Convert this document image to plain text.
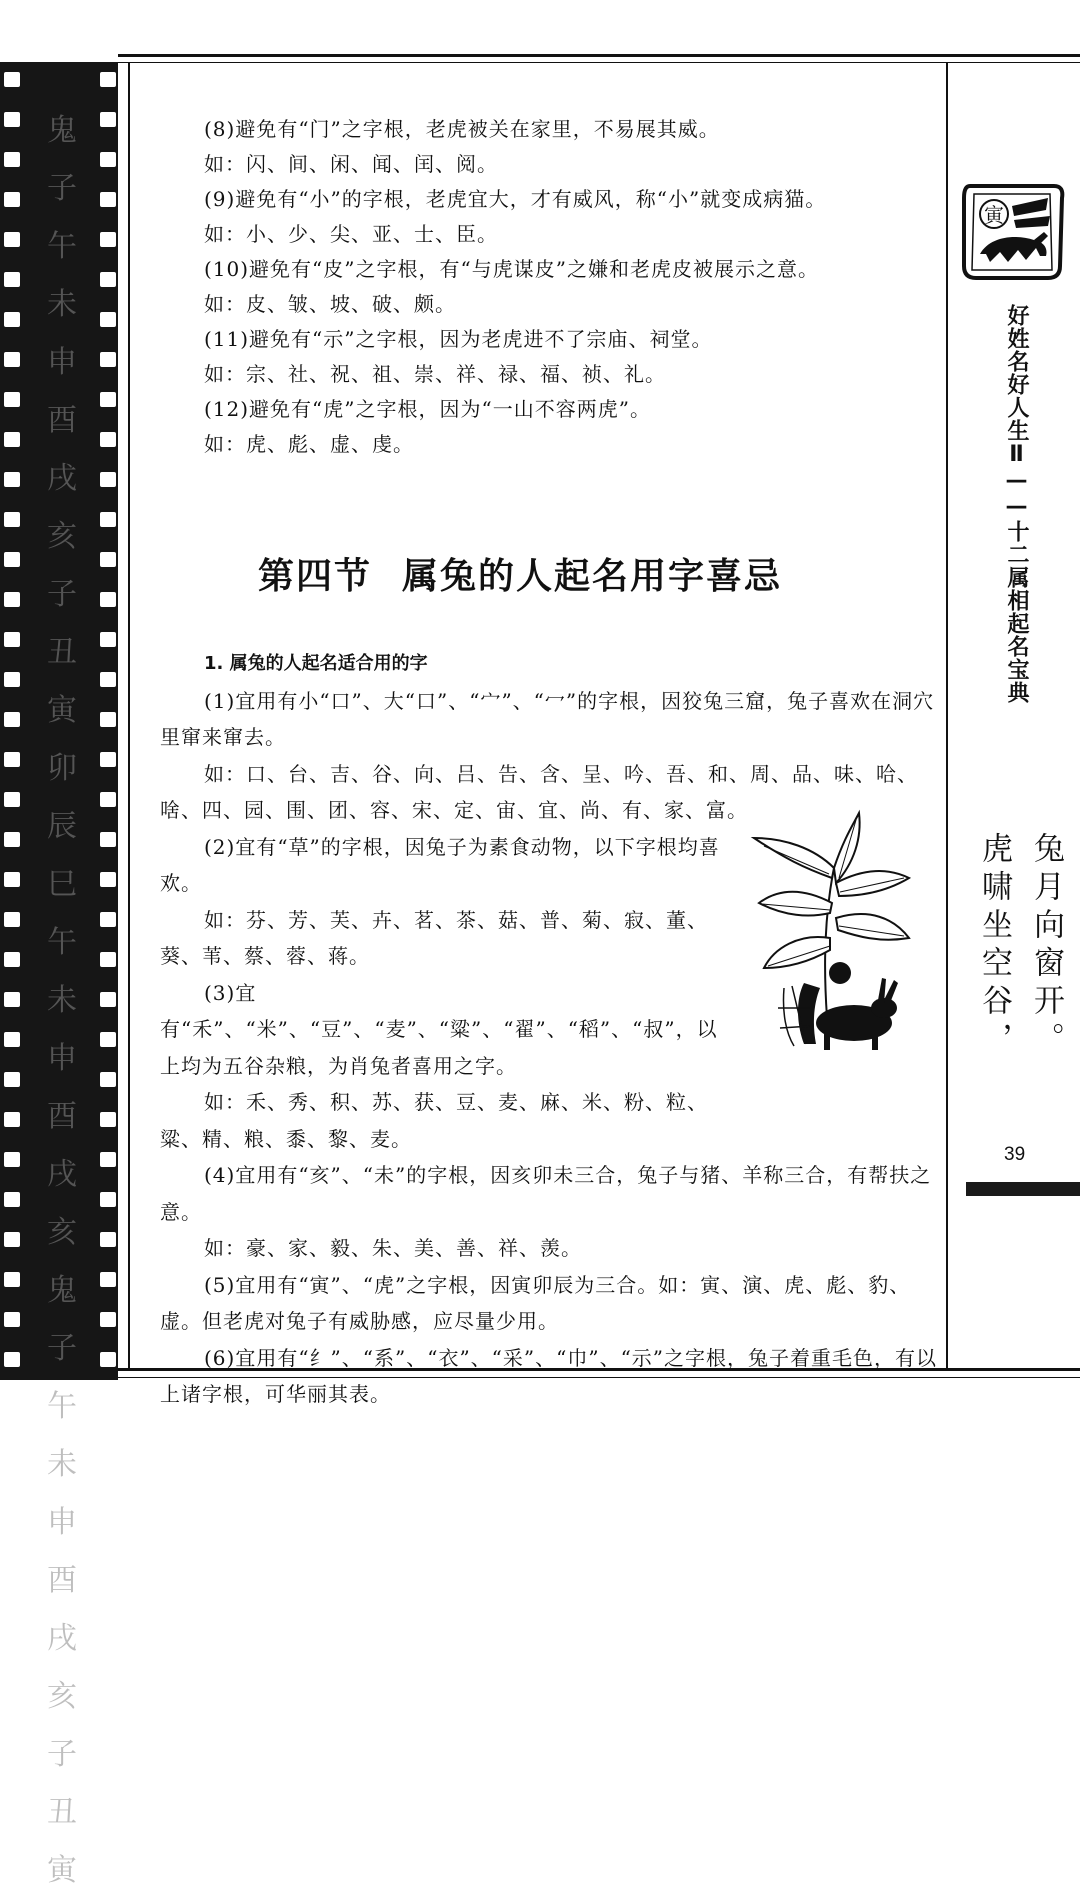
鬼子午未申酉戌亥子丑寅卯辰巳午未申酉戌亥鬼子午未申酉戌亥子丑寅

(8)避免有“门”之字根，老虎被关在家里，不易展其威。

如：闪、间、闲、闻、闰、阅。

(9)避免有“小”的字根，老虎宜大，才有威风，称“小”就变成病猫。

如：小、少、尖、亚、士、臣。

(10)避免有“皮”之字根，有“与虎谋皮”之嫌和老虎皮被展示之意。

如：皮、皱、坡、破、颇。

(11)避免有“示”之字根，因为老虎进不了宗庙、祠堂。

如：宗、社、祝、祖、崇、祥、禄、福、祯、礼。

(12)避免有“虎”之字根，因为“一山不容两虎”。

如：虎、彪、虚、虔。

第四节 属兔的人起名用字喜忌

1. 属兔的人起名适合用的字

(1)宜用有小“口”、大“口”、“宀”、“冖”的字根，因狡兔三窟，兔子喜欢在洞穴里窜来窜去。

如：口、台、吉、谷、向、吕、告、含、呈、吟、吾、和、周、品、味、哈、啥、四、园、围、团、容、宋、定、宙、宜、尚、有、家、富。

(2)宜有“草”的字根，因兔子为素食动物，以下字根均喜欢。

如：芬、芳、芙、卉、茗、茶、菇、普、菊、寂、董、葵、苇、蔡、蓉、蒋。

(3)宜有“禾”、“米”、“豆”、“麦”、“粱”、“翟”、“稻”、“叔”，以上均为五谷杂粮，为肖兔者喜用之字。

如：禾、秀、积、苏、获、豆、麦、麻、米、粉、粒、粱、精、粮、黍、黎、麦。

(4)宜用有“亥”、“未”的字根，因亥卯未三合，兔子与猪、羊称三合，有帮扶之意。

如：豪、家、毅、朱、美、善、祥、羡。

(5)宜用有“寅”、“虎”之字根，因寅卯辰为三合。如：寅、演、虎、彪、豹、虚。但老虎对兔子有威胁感，应尽量少用。

(6)宜用有“纟”、“系”、“衣”、“采”、“巾”、“示”之字根，兔子着重毛色，有以上诸字根，可华丽其表。

寅
好姓名好人生Ⅱ——十二属相起名宝典
兔月向窗开。
虎啸坐空谷，
39
